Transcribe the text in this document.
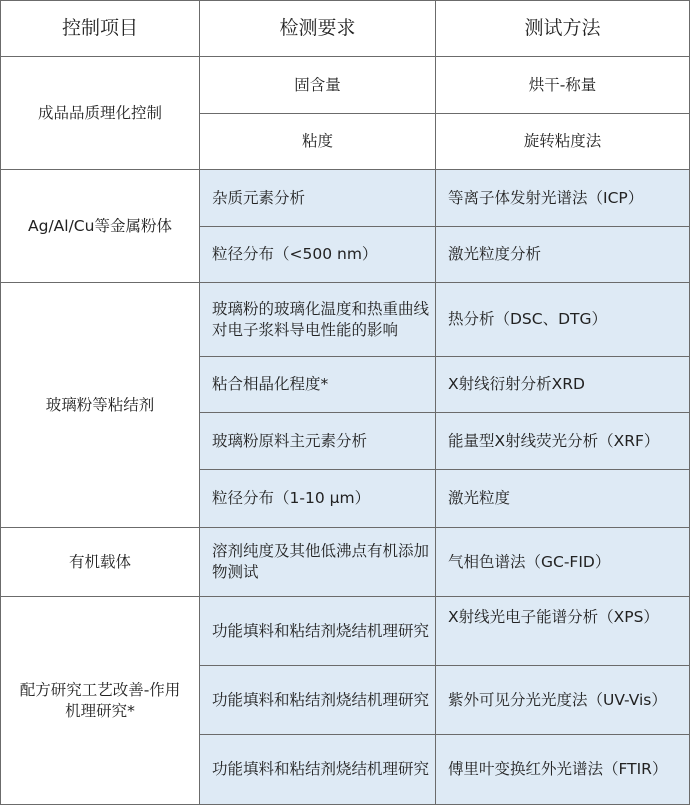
控制项目	检测要求	测试方法
成品品质理化控制	固含量	烘干-称量
	粘度	旋转粘度法
Ag/Al/Cu等金属粉体	杂质元素分析	等离子体发射光谱法（ICP）
	粒径分布（<500 nm）	激光粒度分析
玻璃粉等粘结剂	玻璃粉的玻璃化温度和热重曲线对电子浆料导电性能的影响	热分析（DSC、DTG）
	粘合相晶化程度*	X射线衍射分析XRD
	玻璃粉原料主元素分析	能量型X射线荧光分析（XRF）
	粒径分布（1-10 μm）	激光粒度
有机载体	溶剂纯度及其他低沸点有机添加物测试	气相色谱法（GC-FID）
配方研究工艺改善-作用机理研究*	功能填料和粘结剂烧结机理研究	X射线光电子能谱分析（XPS）
	功能填料和粘结剂烧结机理研究	紫外可见分光光度法（UV-Vis）
	功能填料和粘结剂烧结机理研究	傅里叶变换红外光谱法（FTIR）
